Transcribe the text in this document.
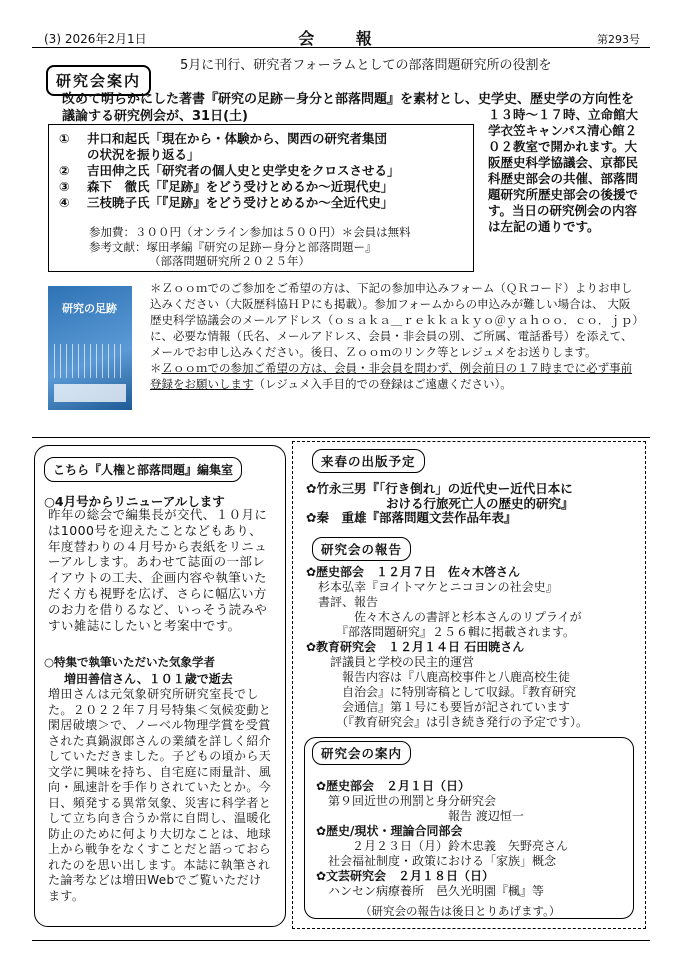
(3) 2026年2月1日	会 報	第293号
研究会案内
5月に刊行、研究者フォーラムとしての部落問題研究所の役割を
改めて明らかにした著書『研究の足跡－身分と部落問題』を素材とし、史学史、歴史学の方向性を議論する研究例会が、31日(土)
① 井口和起氏「現在から・体験から、関西の研究者集団
の状況を振り返る」
② 吉田伸之氏「研究者の個人史と史学史をクロスさせる」
③ 森下　徹氏「『足跡』をどう受けとめるか～近現代史」
④ 三枝暁子氏「『足跡』をどう受けとめるか～全近代史」
参加費：３００円（オンライン参加は５００円）＊会員は無料
参考文献：塚田孝編『研究の足跡ー身分と部落問題ー』
（部落問題研究所２０２５年）
１３時～１７時、立命館大学衣笠キャンパス清心館２０２教室で開かれます。大阪歴史科学協議会、京都民科歴史部会の共催、部落問題研究所歴史部会の後援です。当日の研究例会の内容は左記の通りです。
研究の足跡
＊Ｚｏｏｍでのご参加をご希望の方は、下記の参加申込みフォーム（ＱＲコード）よりお申し込みください（大阪歴科協ＨＰにも掲載）。参加フォームからの申込みが難しい場合は、 大阪歴史科学協議会のメールアドレス（ｏｓａｋａ＿ｒｅｋｋａｋｙｏ＠ｙａｈｏｏ．ｃｏ．ｊｐ）に、必要な情報（氏名、メールアドレス、会員・非会員の別、ご所属、電話番号）を添えて、メールでお申し込みください。後日、Ｚｏｏｍのリンク等とレジュメをお送りします。
＊Ｚｏｏｍでの参加ご希望の方は、会員・非会員を問わず、例会前日の１７時までに必ず事前登録をお願いします（レジュメ入手目的での登録はご遠慮ください）。
こちら『人権と部落問題』編集室
○4月号からリニューアルします
昨年の総会で編集長が交代、１０月には1000号を迎えたことなどもあり、年度替わりの４月号から表紙をリニューアルします。あわせて誌面の一部レイアウトの工夫、企画内容や執筆いただく方も視野を広げ、さらに幅広い方のお力を借りるなど、いっそう読みやすい雑誌にしたいと考案中です。
○特集で執筆いただいた気象学者
増田善信さん、１０１歳で逝去
増田さんは元気象研究所研究室長でした。２０２２年７月号特集＜気候変動と閑居破壊＞で、ノーベル物理学賞を受賞された真鍋淑郎さんの業績を詳しく紹介していただきました。子どもの頃から天文学に興味を持ち、自宅庭に雨量計、風向・風速計を手作りされていたとか。今日、頻発する異常気象、災害に科学者として立ち向き合うか常に自問し、温暖化防止のために何より大切なことは、地球上から戦争をなくすことだと語っておられたのを思い出します。本誌に執筆された論考などは増田Webでご覧いただけます。
来春の出版予定
✿竹永三男『「行き倒れ」の近代史ー近代日本に
おける行旅死亡人の歴史的研究』
✿秦　重雄『部落問題文芸作品年表』
研究会の報告
✿歴史部会　１２月７日　佐々木啓さん
　杉本弘幸『ヨイトマケとニコヨンの社会史』
　書評、報告
　　　　佐々木さんの書評と杉本さんのリプライが
　　　『部落問題研究』２５６輯に掲載されます。
✿教育研究会　１２月１４日 石田暁さん
　　評議員と学校の民主的運営
　　　報告内容は『八鹿高校事件と八鹿高校生徒
　　　自治会』に特別寄稿として収録。『教育研究
　　　会通信』第１号にも要旨が記されています
　　　（『教育研究会』は引き続き発行の予定です）。
研究会の案内
✿歴史部会　２月１日（日）
　第９回近世の刑罰と身分研究会
　　　　　　　　　　　報告 渡辺恒一
✿歴史/現状・理論合同部会
　　　２月２３日（月）鈴木忠義　矢野亮さん
　社会福祉制度・政策における「家族」概念
✿文芸研究会　２月１８日（日）
　ハンセン病療養所　邑久光明園『楓』等
（研究会の報告は後日とりあげます。）
